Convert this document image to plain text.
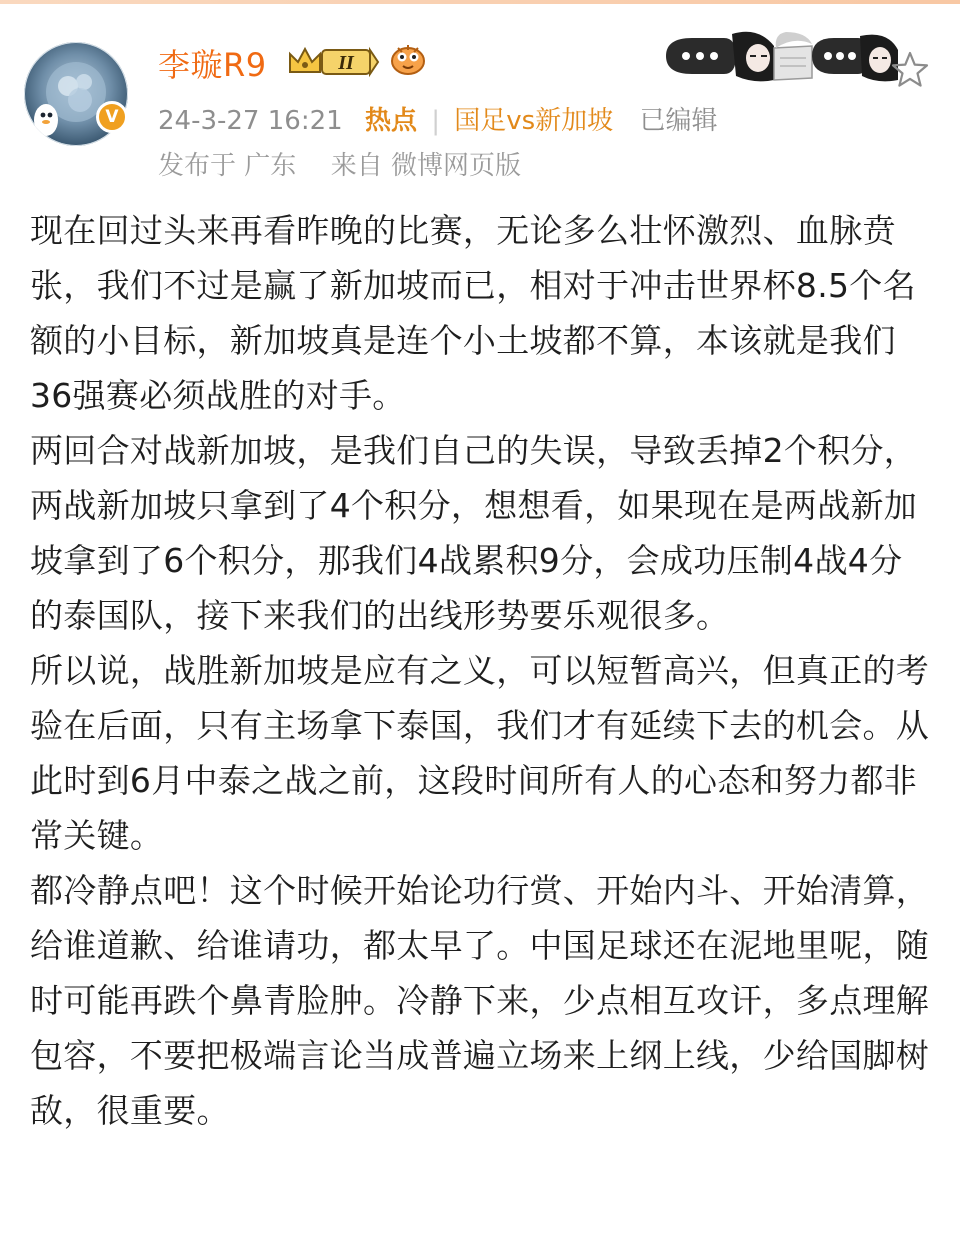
V
李璇R9	II
24-3-27 16:21 热点 | 国足vs新加坡 已编辑
发布于 广东 来自 微博网页版

现在回过头来再看昨晚的比赛，无论多么壮怀激烈、血脉贲张，我们不过是赢了新加坡而已，相对于冲击世界杯8.5个名额的小目标，新加坡真是连个小土坡都不算，本该就是我们36强赛必须战胜的对手。

两回合对战新加坡，是我们自己的失误，导致丢掉2个积分，两战新加坡只拿到了4个积分，想想看，如果现在是两战新加坡拿到了6个积分，那我们4战累积9分，会成功压制4战4分的泰国队，接下来我们的出线形势要乐观很多。

所以说，战胜新加坡是应有之义，可以短暂高兴，但真正的考验在后面，只有主场拿下泰国，我们才有延续下去的机会。从此时到6月中泰之战之前，这段时间所有人的心态和努力都非常关键。

都冷静点吧！这个时候开始论功行赏、开始内斗、开始清算，给谁道歉、给谁请功，都太早了。中国足球还在泥地里呢，随时可能再跌个鼻青脸肿。冷静下来，少点相互攻讦，多点理解包容，不要把极端言论当成普遍立场来上纲上线，少给国脚树敌，很重要。
